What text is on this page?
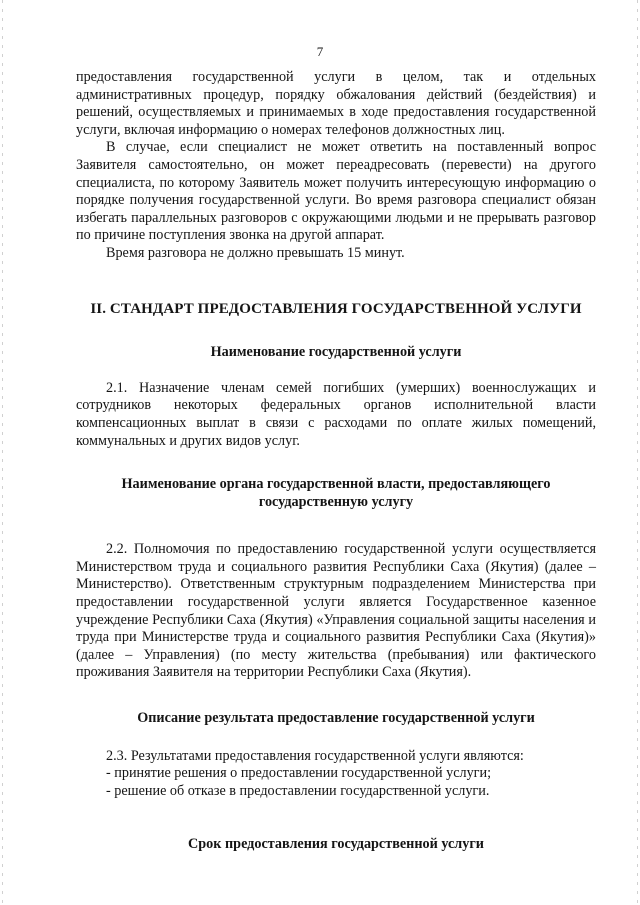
7

предоставления государственной услуги в целом, так и отдельных административных процедур, порядку обжалования действий (бездействия) и решений, осуществляемых и принимаемых в ходе предоставления государственной услуги, включая информацию о номерах телефонов должностных лиц.

В случае, если специалист не может ответить на поставленный вопрос Заявителя самостоятельно, он может переадресовать (перевести) на другого специалиста, по которому Заявитель может получить интересующую информацию о порядке получения государственной услуги. Во время разговора специалист обязан избегать параллельных разговоров с окружающими людьми и не прерывать разговор по причине поступления звонка на другой аппарат.

Время разговора не должно превышать 15 минут.

II. СТАНДАРТ ПРЕДОСТАВЛЕНИЯ ГОСУДАРСТВЕННОЙ УСЛУГИ
Наименование государственной услуги

2.1. Назначение членам семей погибших (умерших) военнослужащих и сотрудников некоторых федеральных органов исполнительной власти компенсационных выплат в связи с расходами по оплате жилых помещений, коммунальных и других видов услуг.

Наименование органа государственной власти, предоставляющего
государственную услугу

2.2. Полномочия по предоставлению государственной услуги осуществляется Министерством труда и социального развития Республики Саха (Якутия) (далее – Министерство). Ответственным структурным подразделением Министерства при предоставлении государственной услуги является Государственное казенное учреждение Республики Саха (Якутия) «Управления социальной защиты населения и труда при Министерстве труда и социального развития Республики Саха (Якутия)» (далее – Управления) (по месту жительства (пребывания) или фактического проживания Заявителя на территории Республики Саха (Якутия).

Описание результата предоставление государственной услуги

2.3. Результатами предоставления государственной услуги являются:

- принятие решения о предоставлении государственной услуги;

- решение об отказе в предоставлении государственной услуги.

Срок предоставления государственной услуги
